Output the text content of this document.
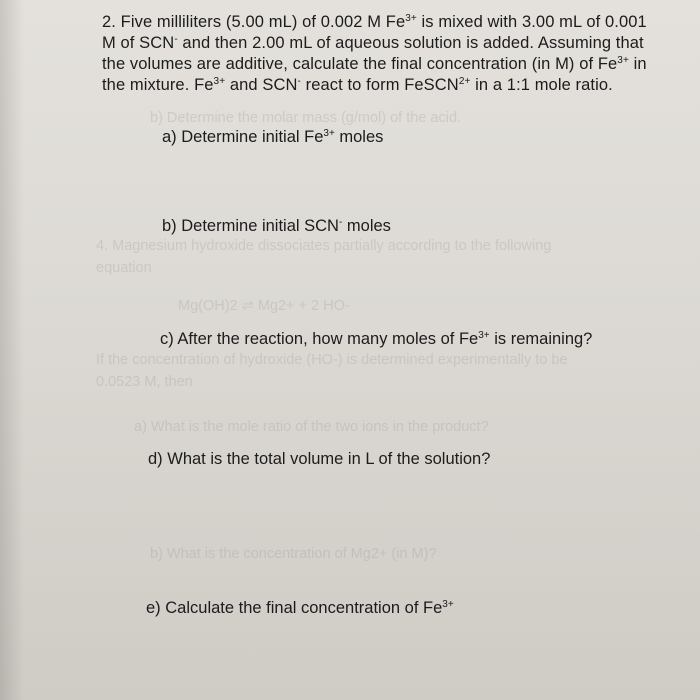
b) Determine the molar mass (g/mol) of the acid.
4. Magnesium hydroxide dissociates partially according to the following
equation
Mg(OH)2 ⇌ Mg2+ + 2 HO-
If the concentration of hydroxide (HO-) is determined experimentally to be
0.0523 M, then
a) What is the mole ratio of the two ions in the product?
b) What is the concentration of Mg2+ (in M)?

2. Five milliliters (5.00 mL) of 0.002 M $Fe^{3+}$ is mixed with 3.00 mL of 0.001
M of SCN- and then 2.00 mL of aqueous solution is added. Assuming that
the volumes are additive, calculate the final concentration (in M) of $Fe^{3+}$ in
the mixture. $Fe^{3+}$ and SCN- react to form FeSCN$^{2+}$ in a 1:1 mole ratio.

a) Determine initial $Fe^{3+}$ moles

b) Determine initial SCN- moles

c) After the reaction, how many moles of $Fe^{3+}$ is remaining?

d) What is the total volume in L of the solution?

e) Calculate the final concentration of $Fe^{3+}$
